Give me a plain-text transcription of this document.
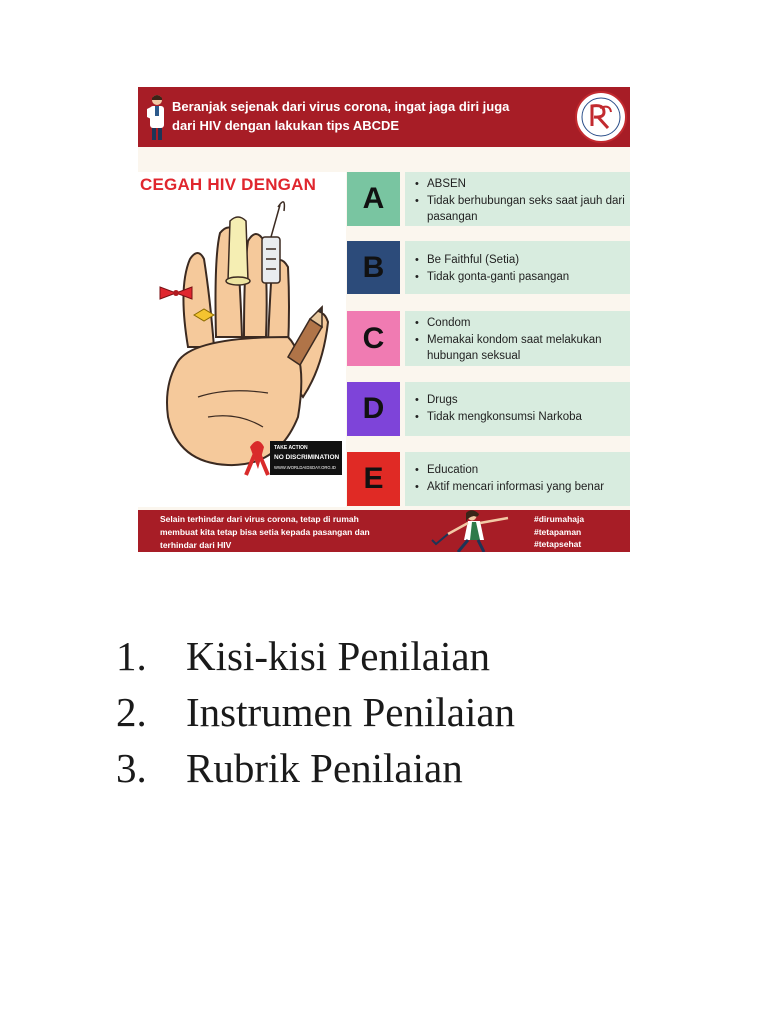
Beranjak sejenak dari virus corona, ingat jaga diri juga
dari HIV dengan lakukan tips ABCDE
CEGAH HIV DENGAN
TAKE ACTION
NO DISCRIMINATION
WWW.WORLDAIDSDAY.ORG.ID
A	• ABSEN
• Tidak berhubungan seks saat jauh dari pasangan
B	• Be Faithful (Setia)
• Tidak gonta-ganti pasangan
C	• Condom
• Memakai kondom saat melakukan hubungan seksual
D	• Drugs
• Tidak mengkonsumsi Narkoba
E	• Education
• Aktif mencari informasi yang benar
Selain terhindar dari virus corona, tetap di rumah
membuat kita tetap bisa setia kepada pasangan dan
terhindar dari HIV
#dirumahaja
#tetapaman
#tetapsehat
1. Kisi-kisi Penilaian
2. Instrumen Penilaian
3. Rubrik Penilaian
